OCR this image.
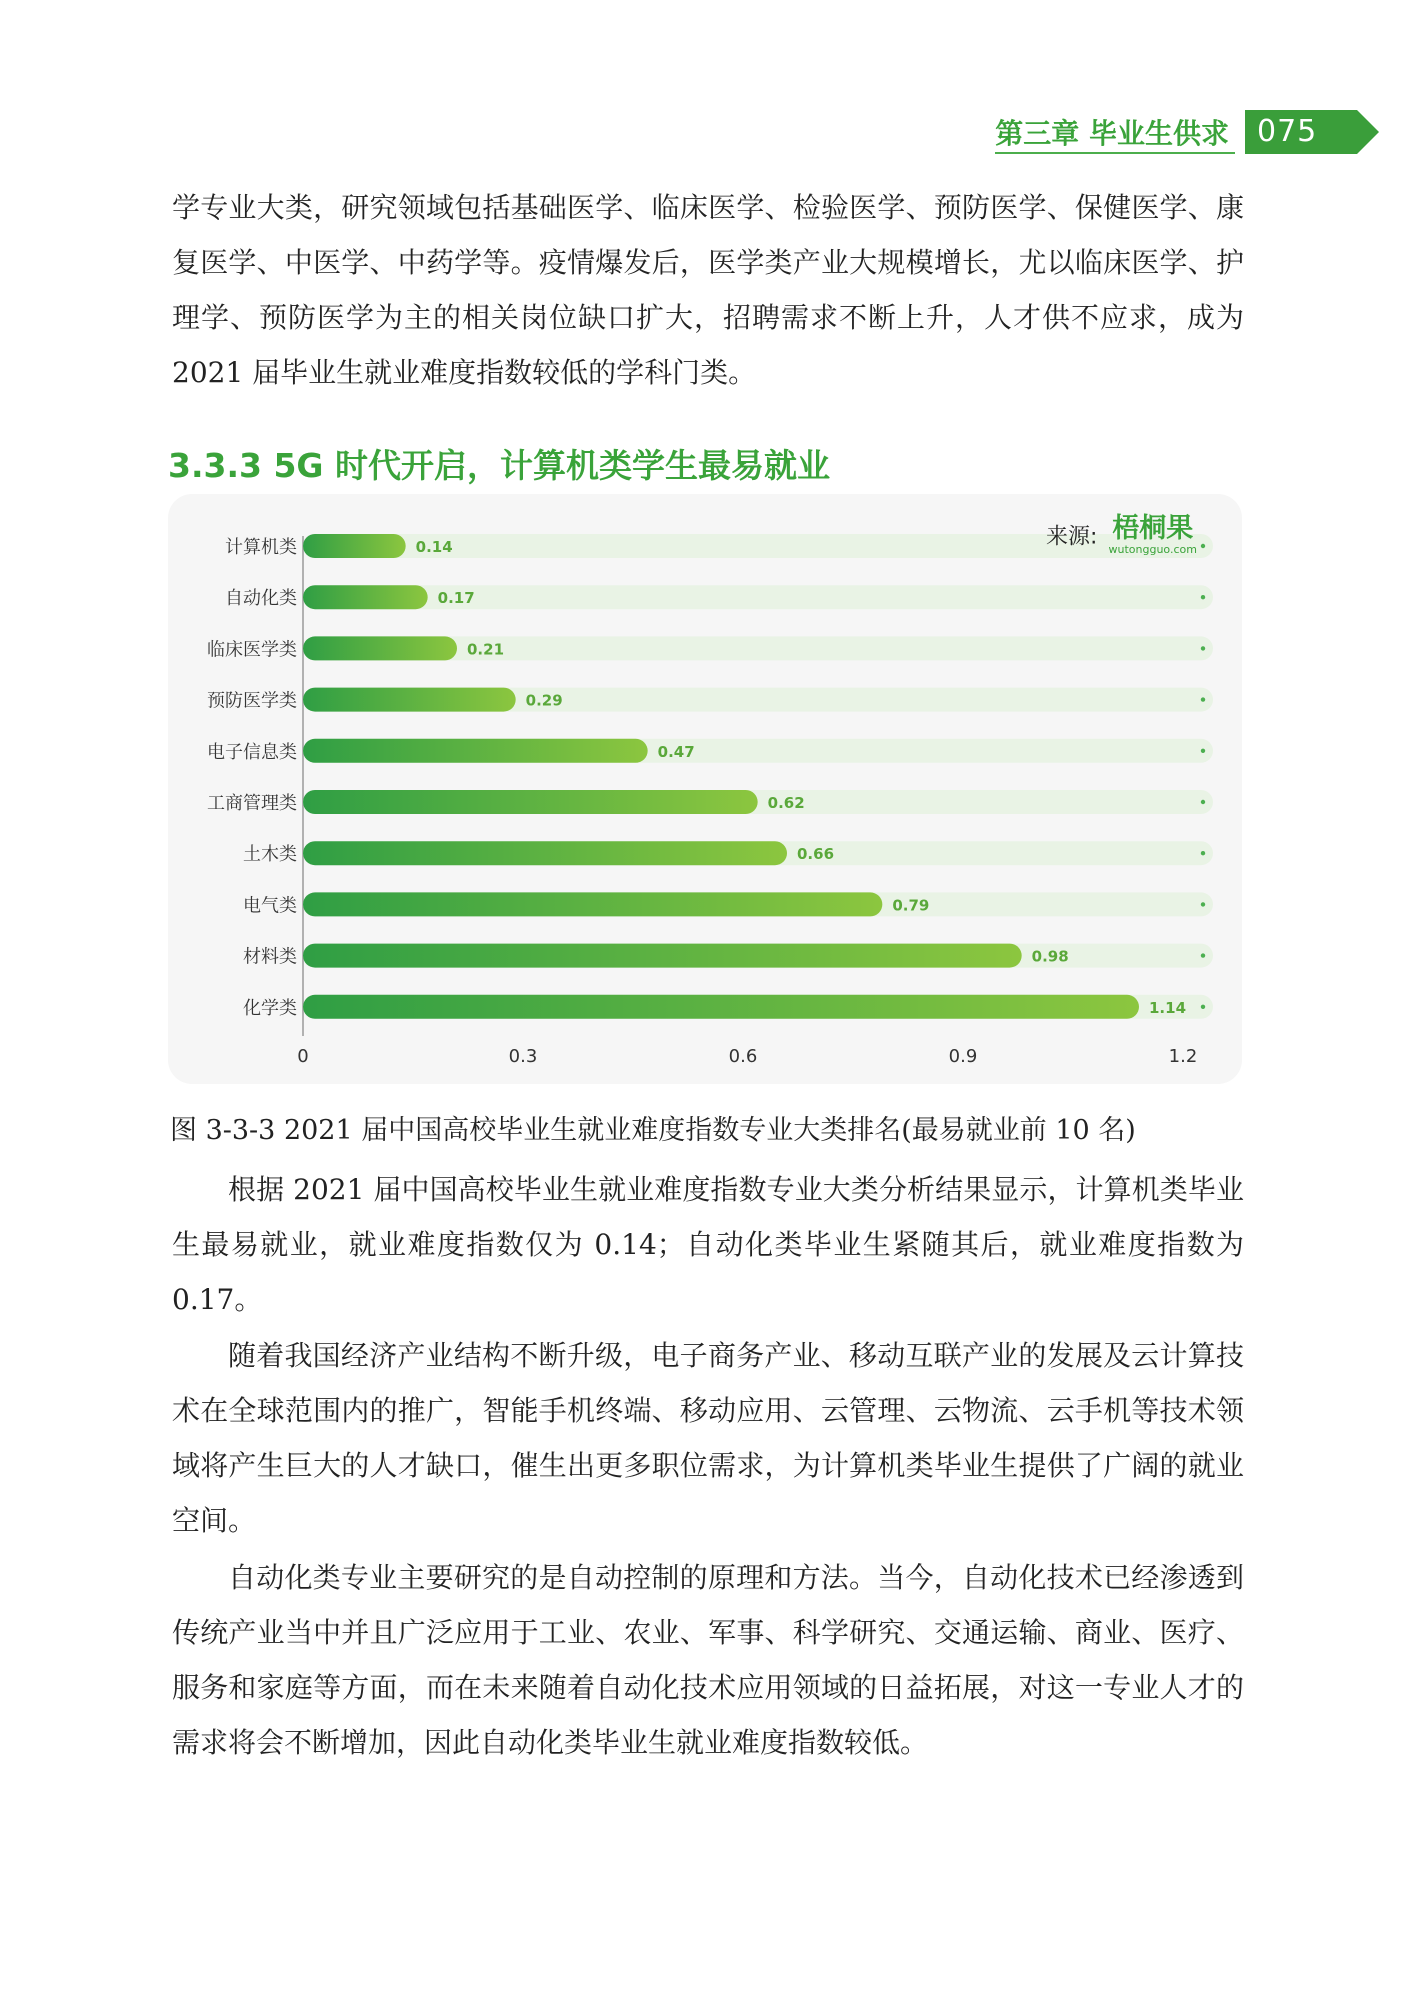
第三章 毕业生供求 075

学专业大类，研究领域包括基础医学、临床医学、检验医学、预防医学、保健医学、康复医学、中医学、中药学等。疫情爆发后，医学类产业大规模增长，尤以临床医学、护理学、预防医学为主的相关岗位缺口扩大，招聘需求不断上升，人才供不应求，成为 2021 届毕业生就业难度指数较低的学科门类。

3.3.3 5G 时代开启，计算机类学生最易就业
0.14
计算机类
0.17
自动化类
0.21
临床医学类
0.29
预防医学类
0.47
电子信息类
0.62
工商管理类
0.66
土木类
0.79
电气类
0.98
材料类
1.14
化学类
0	0.3	0.6	0.9	1.2
来源: 梧桐果
wutongguo.com
图 3-3-3 2021 届中国高校毕业生就业难度指数专业大类排名(最易就业前 10 名)

根据 2021 届中国高校毕业生就业难度指数专业大类分析结果显示，计算机类毕业生最易就业，就业难度指数仅为 0.14；自动化类毕业生紧随其后，就业难度指数为 0.17。

随着我国经济产业结构不断升级，电子商务产业、移动互联产业的发展及云计算技术在全球范围内的推广，智能手机终端、移动应用、云管理、云物流、云手机等技术领域将产生巨大的人才缺口，催生出更多职位需求，为计算机类毕业生提供了广阔的就业空间。

自动化类专业主要研究的是自动控制的原理和方法。当今，自动化技术已经渗透到传统产业当中并且广泛应用于工业、农业、军事、科学研究、交通运输、商业、医疗、服务和家庭等方面，而在未来随着自动化技术应用领域的日益拓展，对这一专业人才的需求将会不断增加，因此自动化类毕业生就业难度指数较低。
